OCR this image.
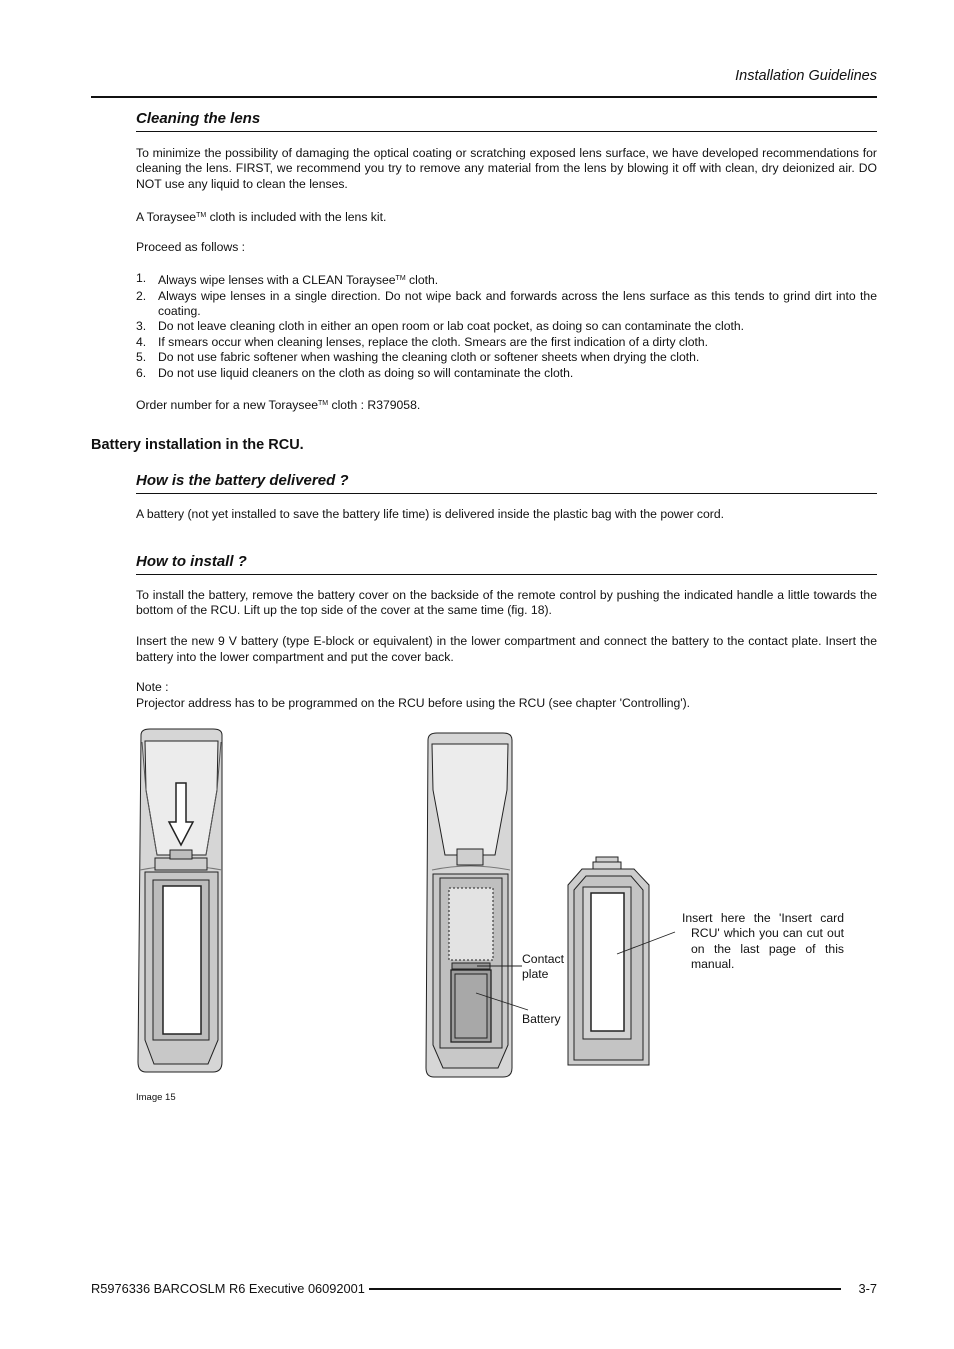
Installation Guidelines
Cleaning the lens

To minimize the possibility of damaging the optical coating or scratching exposed lens surface, we have developed recommendations for cleaning the lens. FIRST, we recommend you try to remove any material from the lens by blowing it off with clean, dry deionized air. DO NOT use any liquid to clean the lenses.

A Toraysee™ cloth is included with the lens kit.

Proceed as follows :

1. Always wipe lenses with a CLEAN Toraysee™ cloth.
2. Always wipe lenses in a single direction. Do not wipe back and forwards across the lens surface as this tends to grind dirt into the coating.
3. Do not leave cleaning cloth in either an open room or lab coat pocket, as doing so can contaminate the cloth.
4. If smears occur when cleaning lenses, replace the cloth. Smears are the first indication of a dirty cloth.
5. Do not use fabric softener when washing the cleaning cloth or softener sheets when drying the cloth.
6. Do not use liquid cleaners on the cloth as doing so will contaminate the cloth.

Order number for a new Toraysee™ cloth : R379058.

Battery installation in the RCU.
How is the battery delivered ?

A battery (not yet installed to save the battery life time) is delivered inside the plastic bag with the power cord.

How to install ?

To install the battery, remove the battery cover on the backside of the remote control by pushing the indicated handle a little towards the bottom of the RCU. Lift up the top side of the cover at the same time (fig. 18).

Insert the new 9 V battery (type E-block or equivalent) in the lower compartment and connect the battery to the contact plate. Insert the battery into the lower compartment and put the cover back.

Note :

Projector address has to be programmed on the RCU before using the RCU (see chapter 'Controlling').

Contact
plate
Battery
Insert here the 'Insert card
RCU' which you can cut out
on the last page of this
manual.
Image 15
R5976336 BARCOSLM R6 Executive 06092001	3-7
